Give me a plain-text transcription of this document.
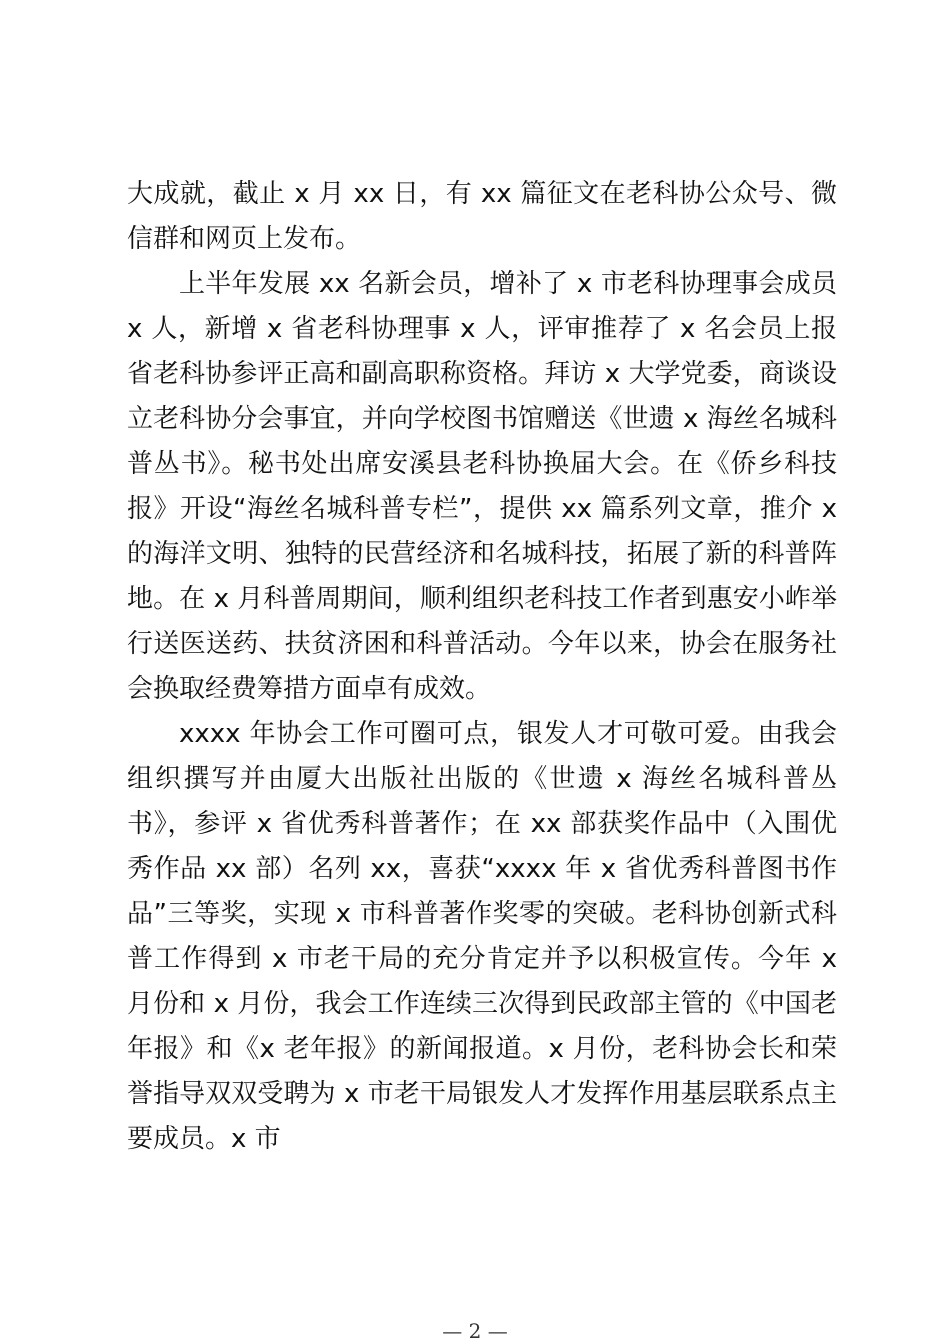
大成就，截止 x 月 xx 日，有 xx 篇征文在老科协公众号、微信群和网页上发布。

上半年发展 xx 名新会员，增补了 x 市老科协理事会成员 x 人，新增 x 省老科协理事 x 人，评审推荐了 x 名会员上报省老科协参评正高和副高职称资格。拜访 x 大学党委，商谈设立老科协分会事宜，并向学校图书馆赠送《世遗 x 海丝名城科普丛书》。秘书处出席安溪县老科协换届大会。在《侨乡科技报》开设“海丝名城科普专栏”，提供 xx 篇系列文章，推介 x 的海洋文明、独特的民营经济和名城科技，拓展了新的科普阵地。在 x 月科普周期间，顺利组织老科技工作者到惠安小岞举行送医送药、扶贫济困和科普活动。今年以来，协会在服务社会换取经费筹措方面卓有成效。

xxxx 年协会工作可圈可点，银发人才可敬可爱。由我会组织撰写并由厦大出版社出版的《世遗 x 海丝名城科普丛书》，参评 x 省优秀科普著作；在 xx 部获奖作品中（入围优秀作品 xx 部）名列 xx，喜获“xxxx 年 x 省优秀科普图书作品”三等奖，实现 x 市科普著作奖零的突破。老科协创新式科普工作得到 x 市老干局的充分肯定并予以积极宣传。今年 x 月份和 x 月份，我会工作连续三次得到民政部主管的《中国老年报》和《x 老年报》的新闻报道。x 月份，老科协会长和荣誉指导双双受聘为 x 市老干局银发人才发挥作用基层联系点主要成员。x 市

— 2 —
